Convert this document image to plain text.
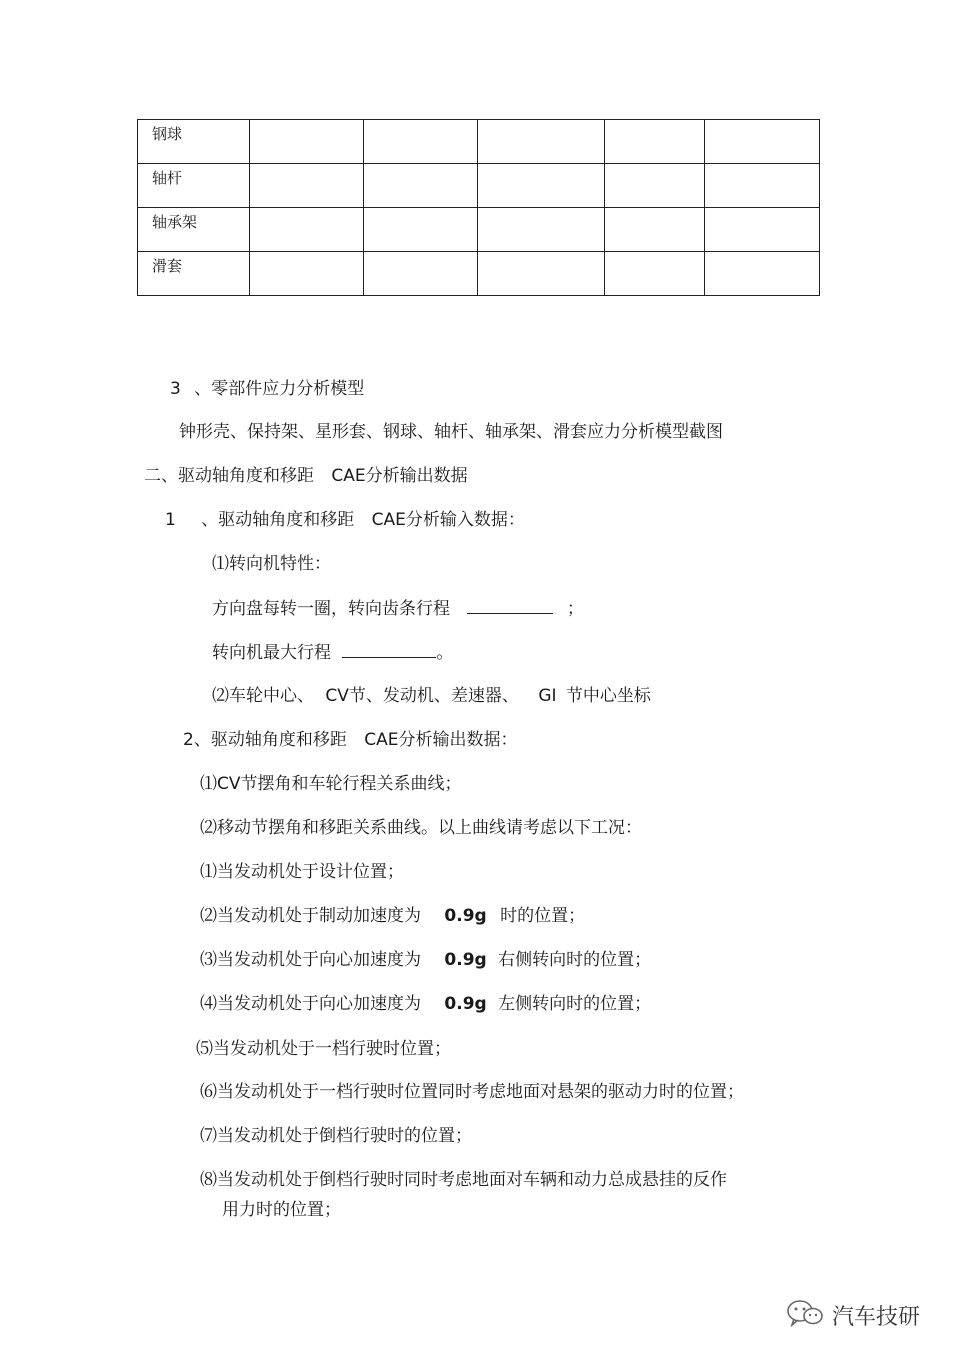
钢球					
轴杆					
轴承架					
滑套					
3 、零部件应力分析模型
钟形壳、保持架、星形套、钢球、轴杆、轴承架、滑套应力分析模型截图
二、驱动轴角度和移距 CAE分析输出数据
1 、驱动轴角度和移距 CAE分析输入数据：
⑴转向机特性：
方向盘每转一圈，转向齿条行程	；
转向机最大行程	。
⑵车轮中心、 CV节、发动机、差速器、 GI 节中心坐标
2、驱动轴角度和移距 CAE分析输出数据：
⑴CV节摆角和车轮行程关系曲线；
⑵移动节摆角和移距关系曲线。以上曲线请考虑以下工况：
⑴当发动机处于设计位置；
⑵当发动机处于制动加速度为 0.9g 时的位置；
⑶当发动机处于向心加速度为 0.9g 右侧转向时的位置；
⑷当发动机处于向心加速度为 0.9g 左侧转向时的位置；
⑸当发动机处于一档行驶时位置；
⑹当发动机处于一档行驶时位置同时考虑地面对悬架的驱动力时的位置；
⑺当发动机处于倒档行驶时的位置；
⑻当发动机处于倒档行驶时同时考虑地面对车辆和动力总成悬挂的反作
用力时的位置；
汽车技研
